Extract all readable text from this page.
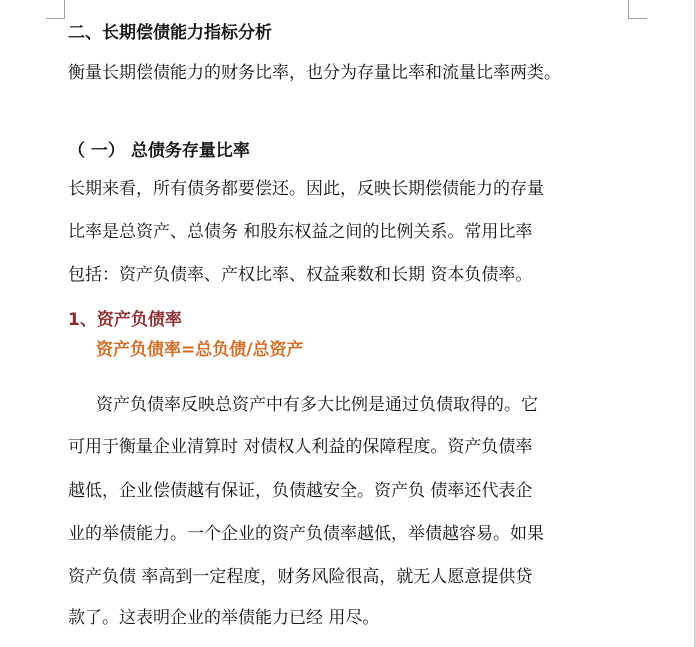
二、长期偿债能力指标分析
衡量长期偿债能力的财务比率，也分为存量比率和流量比率两类。
（ 一） 总债务存量比率
长期来看，所有债务都要偿还。因此，反映长期偿债能力的存量
比率是总资产、总债务 和股东权益之间的比例关系。常用比率
包括：资产负债率、产权比率、权益乘数和长期 资本负债率。
1、资产负债率
资产负债率=总负债/总资产
资产负债率反映总资产中有多大比例是通过负债取得的。它
可用于衡量企业清算时 对债权人利益的保障程度。资产负债率
越低，企业偿债越有保证，负债越安全。资产负 债率还代表企
业的举债能力。一个企业的资产负债率越低，举债越容易。如果
资产负债 率高到一定程度，财务风险很高，就无人愿意提供贷
款了。这表明企业的举债能力已经 用尽。
